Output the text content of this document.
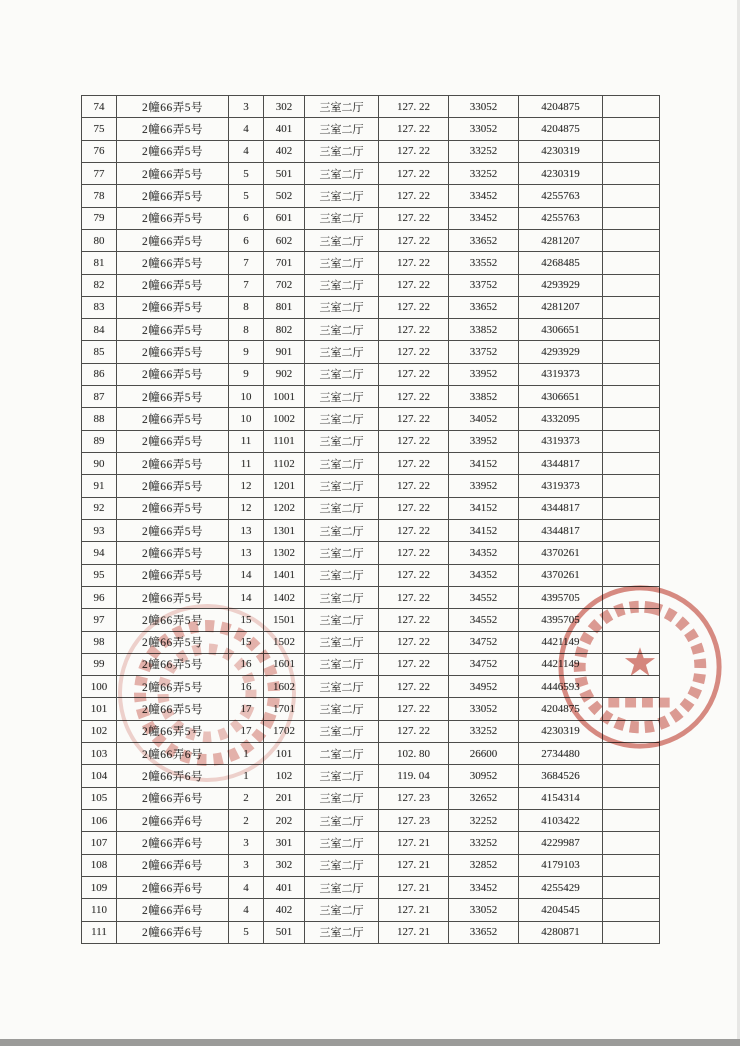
74	2幢66弄5号	3	302	三室二厅	127. 22	33052	4204875	
75	2幢66弄5号	4	401	三室二厅	127. 22	33052	4204875	
76	2幢66弄5号	4	402	三室二厅	127. 22	33252	4230319	
77	2幢66弄5号	5	501	三室二厅	127. 22	33252	4230319	
78	2幢66弄5号	5	502	三室二厅	127. 22	33452	4255763	
79	2幢66弄5号	6	601	三室二厅	127. 22	33452	4255763	
80	2幢66弄5号	6	602	三室二厅	127. 22	33652	4281207	
81	2幢66弄5号	7	701	三室二厅	127. 22	33552	4268485	
82	2幢66弄5号	7	702	三室二厅	127. 22	33752	4293929	
83	2幢66弄5号	8	801	三室二厅	127. 22	33652	4281207	
84	2幢66弄5号	8	802	三室二厅	127. 22	33852	4306651	
85	2幢66弄5号	9	901	三室二厅	127. 22	33752	4293929	
86	2幢66弄5号	9	902	三室二厅	127. 22	33952	4319373	
87	2幢66弄5号	10	1001	三室二厅	127. 22	33852	4306651	
88	2幢66弄5号	10	1002	三室二厅	127. 22	34052	4332095	
89	2幢66弄5号	11	1101	三室二厅	127. 22	33952	4319373	
90	2幢66弄5号	11	1102	三室二厅	127. 22	34152	4344817	
91	2幢66弄5号	12	1201	三室二厅	127. 22	33952	4319373	
92	2幢66弄5号	12	1202	三室二厅	127. 22	34152	4344817	
93	2幢66弄5号	13	1301	三室二厅	127. 22	34152	4344817	
94	2幢66弄5号	13	1302	三室二厅	127. 22	34352	4370261	
95	2幢66弄5号	14	1401	三室二厅	127. 22	34352	4370261	
96	2幢66弄5号	14	1402	三室二厅	127. 22	34552	4395705	
97	2幢66弄5号	15	1501	三室二厅	127. 22	34552	4395705	
98	2幢66弄5号	15	1502	三室二厅	127. 22	34752	4421149	
99	2幢66弄5号	16	1601	三室二厅	127. 22	34752	4421149	
100	2幢66弄5号	16	1602	三室二厅	127. 22	34952	4446593	
101	2幢66弄5号	17	1701	三室二厅	127. 22	33052	4204875	
102	2幢66弄5号	17	1702	三室二厅	127. 22	33252	4230319	
103	2幢66弄6号	1	101	二室二厅	102. 80	26600	2734480	
104	2幢66弄6号	1	102	三室二厅	119. 04	30952	3684526	
105	2幢66弄6号	2	201	三室二厅	127. 23	32652	4154314	
106	2幢66弄6号	2	202	三室二厅	127. 23	32252	4103422	
107	2幢66弄6号	3	301	三室二厅	127. 21	33252	4229987	
108	2幢66弄6号	3	302	三室二厅	127. 21	32852	4179103	
109	2幢66弄6号	4	401	三室二厅	127. 21	33452	4255429	
110	2幢66弄6号	4	402	三室二厅	127. 21	33052	4204545	
111	2幢66弄6号	5	501	三室二厅	127. 21	33652	4280871	
